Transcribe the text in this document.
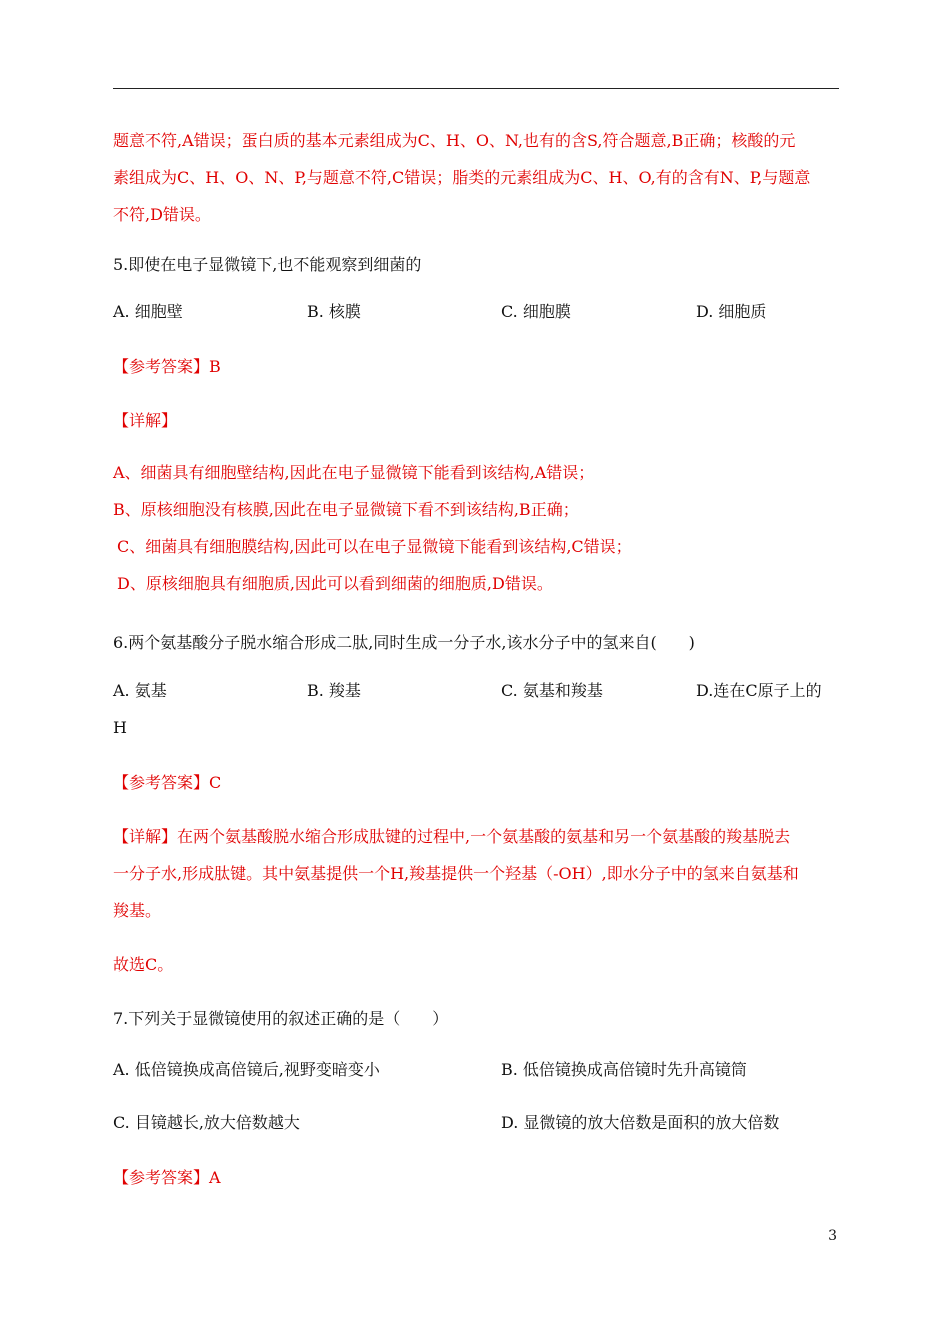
题意不符,A错误；蛋白质的基本元素组成为C、H、O、N,也有的含S,符合题意,B正确；核酸的元
素组成为C、H、O、N、P,与题意不符,C错误；脂类的元素组成为C、H、O,有的含有N、P,与题意
不符,D错误。
5.即使在电子显微镜下,也不能观察到细菌的
A. 细胞壁	B. 核膜	C. 细胞膜	D. 细胞质
【参考答案】B
【详解】
A、细菌具有细胞壁结构,因此在电子显微镜下能看到该结构,A错误；
B、原核细胞没有核膜,因此在电子显微镜下看不到该结构,B正确；
C、细菌具有细胞膜结构,因此可以在电子显微镜下能看到该结构,C错误；
D、原核细胞具有细胞质,因此可以看到细菌的细胞质,D错误。
6.两个氨基酸分子脱水缩合形成二肽,同时生成一分子水,该水分子中的氢来自(　　)
A. 氨基	B. 羧基	C. 氨基和羧基	D.连在C原子上的
H
【参考答案】C
【详解】在两个氨基酸脱水缩合形成肽键的过程中,一个氨基酸的氨基和另一个氨基酸的羧基脱去
一分子水,形成肽键。其中氨基提供一个H,羧基提供一个羟基（-OH）,即水分子中的氢来自氨基和
羧基。
故选C。
7.下列关于显微镜使用的叙述正确的是（　　）
A. 低倍镜换成高倍镜后,视野变暗变小	B. 低倍镜换成高倍镜时先升高镜筒
C. 目镜越长,放大倍数越大	D. 显微镜的放大倍数是面积的放大倍数
【参考答案】A
3
